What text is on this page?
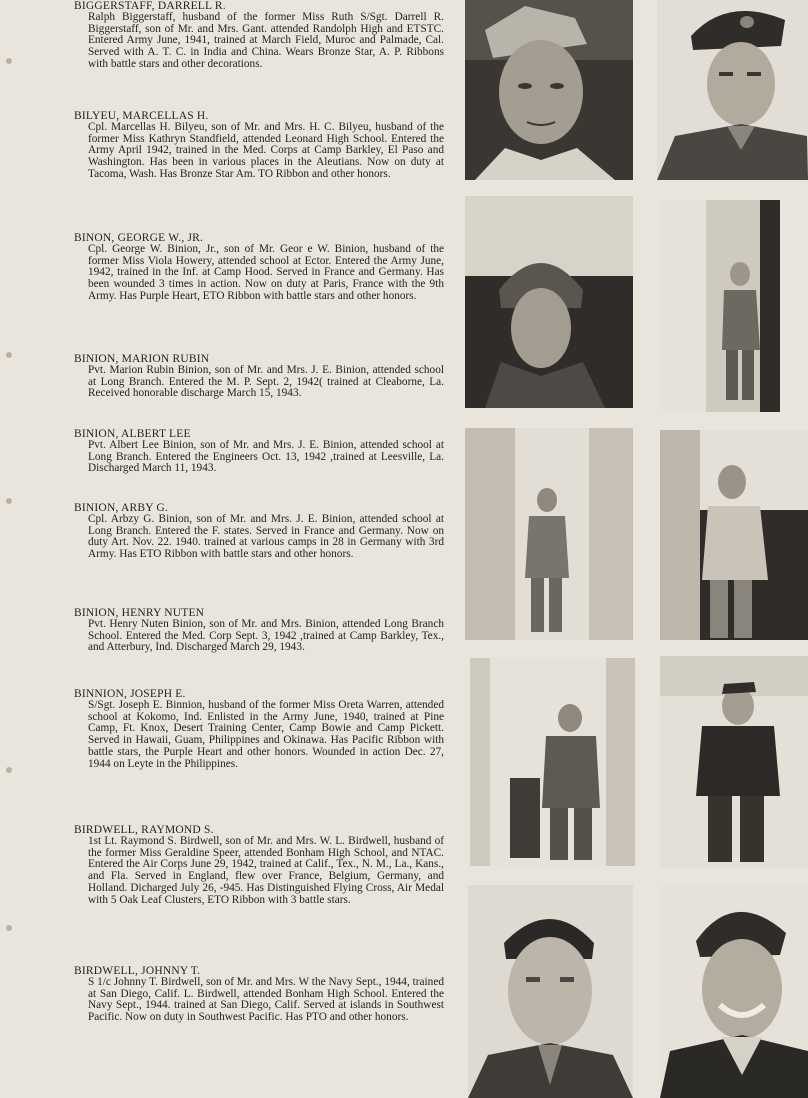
BIGGERSTAFF, DARRELL R.

Ralph Biggerstaff, husband of the former Miss Ruth S/Sgt. Darrell R. Biggerstaff, son of Mr. and Mrs. Gant. attended Randolph High and ETSTC. Entered Army June, 1941, trained at March Field, Muroc and Palmade, Cal. Served with A. T. C. in India and China. Wears Bronze Star, A. P. Ribbons with battle stars and other decorations.

BILYEU, MARCELLAS H.

Cpl. Marcellas H. Bilyeu, son of Mr. and Mrs. H. C. Bilyeu, husband of the former Miss Kathryn Standfield, attended Leonard High School. Entered the Army April 1942, trained in the Med. Corps at Camp Barkley, El Paso and Washington. Has been in various places in the Aleutians. Now on duty at Tacoma, Wash. Has Bronze Star Am. TO Ribbon and other honors.

BINON, GEORGE W., JR.

Cpl. George W. Binion, Jr., son of Mr. Geor e W. Binion, husband of the former Miss Viola Howery, attended school at Ector. Entered the Army June, 1942, trained in the Inf. at Camp Hood. Served in France and Germany. Has been wounded 3 times in action. Now on duty at Paris, France with the 9th Army. Has Purple Heart, ETO Ribbon with battle stars and other honors.

BINION, MARION RUBIN

Pvt. Marion Rubin Binion, son of Mr. and Mrs. J. E. Binion, attended school at Long Branch. Entered the M. P. Sept. 2, 1942( trained at Cleaborne, La. Received honorable discharge March 15, 1943.

BINION, ALBERT LEE

Pvt. Albert Lee Binion, son of Mr. and Mrs. J. E. Binion, attended school at Long Branch. Entered the Engineers Oct. 13, 1942 ,trained at Leesville, La. Discharged March 11, 1943.

BINION, ARBY G.

Cpl. Arbzy G. Binion, son of Mr. and Mrs. J. E. Binion, attended school at Long Branch. Entered the F. states. Served in France and Germany. Now on duty Art. Nov. 22. 1940. trained at various camps in 28 in Germany with 3rd Army. Has ETO Ribbon with battle stars and other honors.

BINION, HENRY NUTEN

Pvt. Henry Nuten Binion, son of Mr. and Mrs. Binion, attended Long Branch School. Entered the Med. Corp Sept. 3, 1942 ,trained at Camp Barkley, Tex., and Atterbury, Ind. Discharged March 29, 1943.

BINNION, JOSEPH E.

S/Sgt. Joseph E. Binnion, husband of the former Miss Oreta Warren, attended school at Kokomo, Ind. Enlisted in the Army June, 1940, trained at Pine Camp, Ft. Knox, Desert Training Center, Camp Bowie and Camp Pickett. Served in Hawaii, Guam, Philippines and Okinawa. Has Pacific Ribbon with battle stars, the Purple Heart and other honors. Wounded in action Dec. 27, 1944 on Leyte in the Philippines.

BIRDWELL, RAYMOND S.

1st Lt. Raymond S. Birdwell, son of Mr. and Mrs. W. L. Birdwell, husband of the former Miss Geraldine Speer, attended Bonham High School, and NTAC. Entered the Air Corps June 29, 1942, trained at Calif., Tex., N. M., La., Kans., and Fla. Served in England, flew over France, Belgium, Germany, and Holland. Dicharged July 26, -945. Has Distinguished Flying Cross, Air Medal with 5 Oak Leaf Clusters, ETO Ribbon with 3 battle stars.

BIRDWELL, JOHNNY T.

S 1/c Johnny T. Birdwell, son of Mr. and Mrs. W the Navy Sept., 1944, trained at San Diego, Calif. L. Birdwell, attended Bonham High School. Entered the Navy Sept., 1944. trained at San Diego, Calif. Served at islands in Southwest Pacific. Now on duty in Southwest Pacific. Has PTO and other honors.
